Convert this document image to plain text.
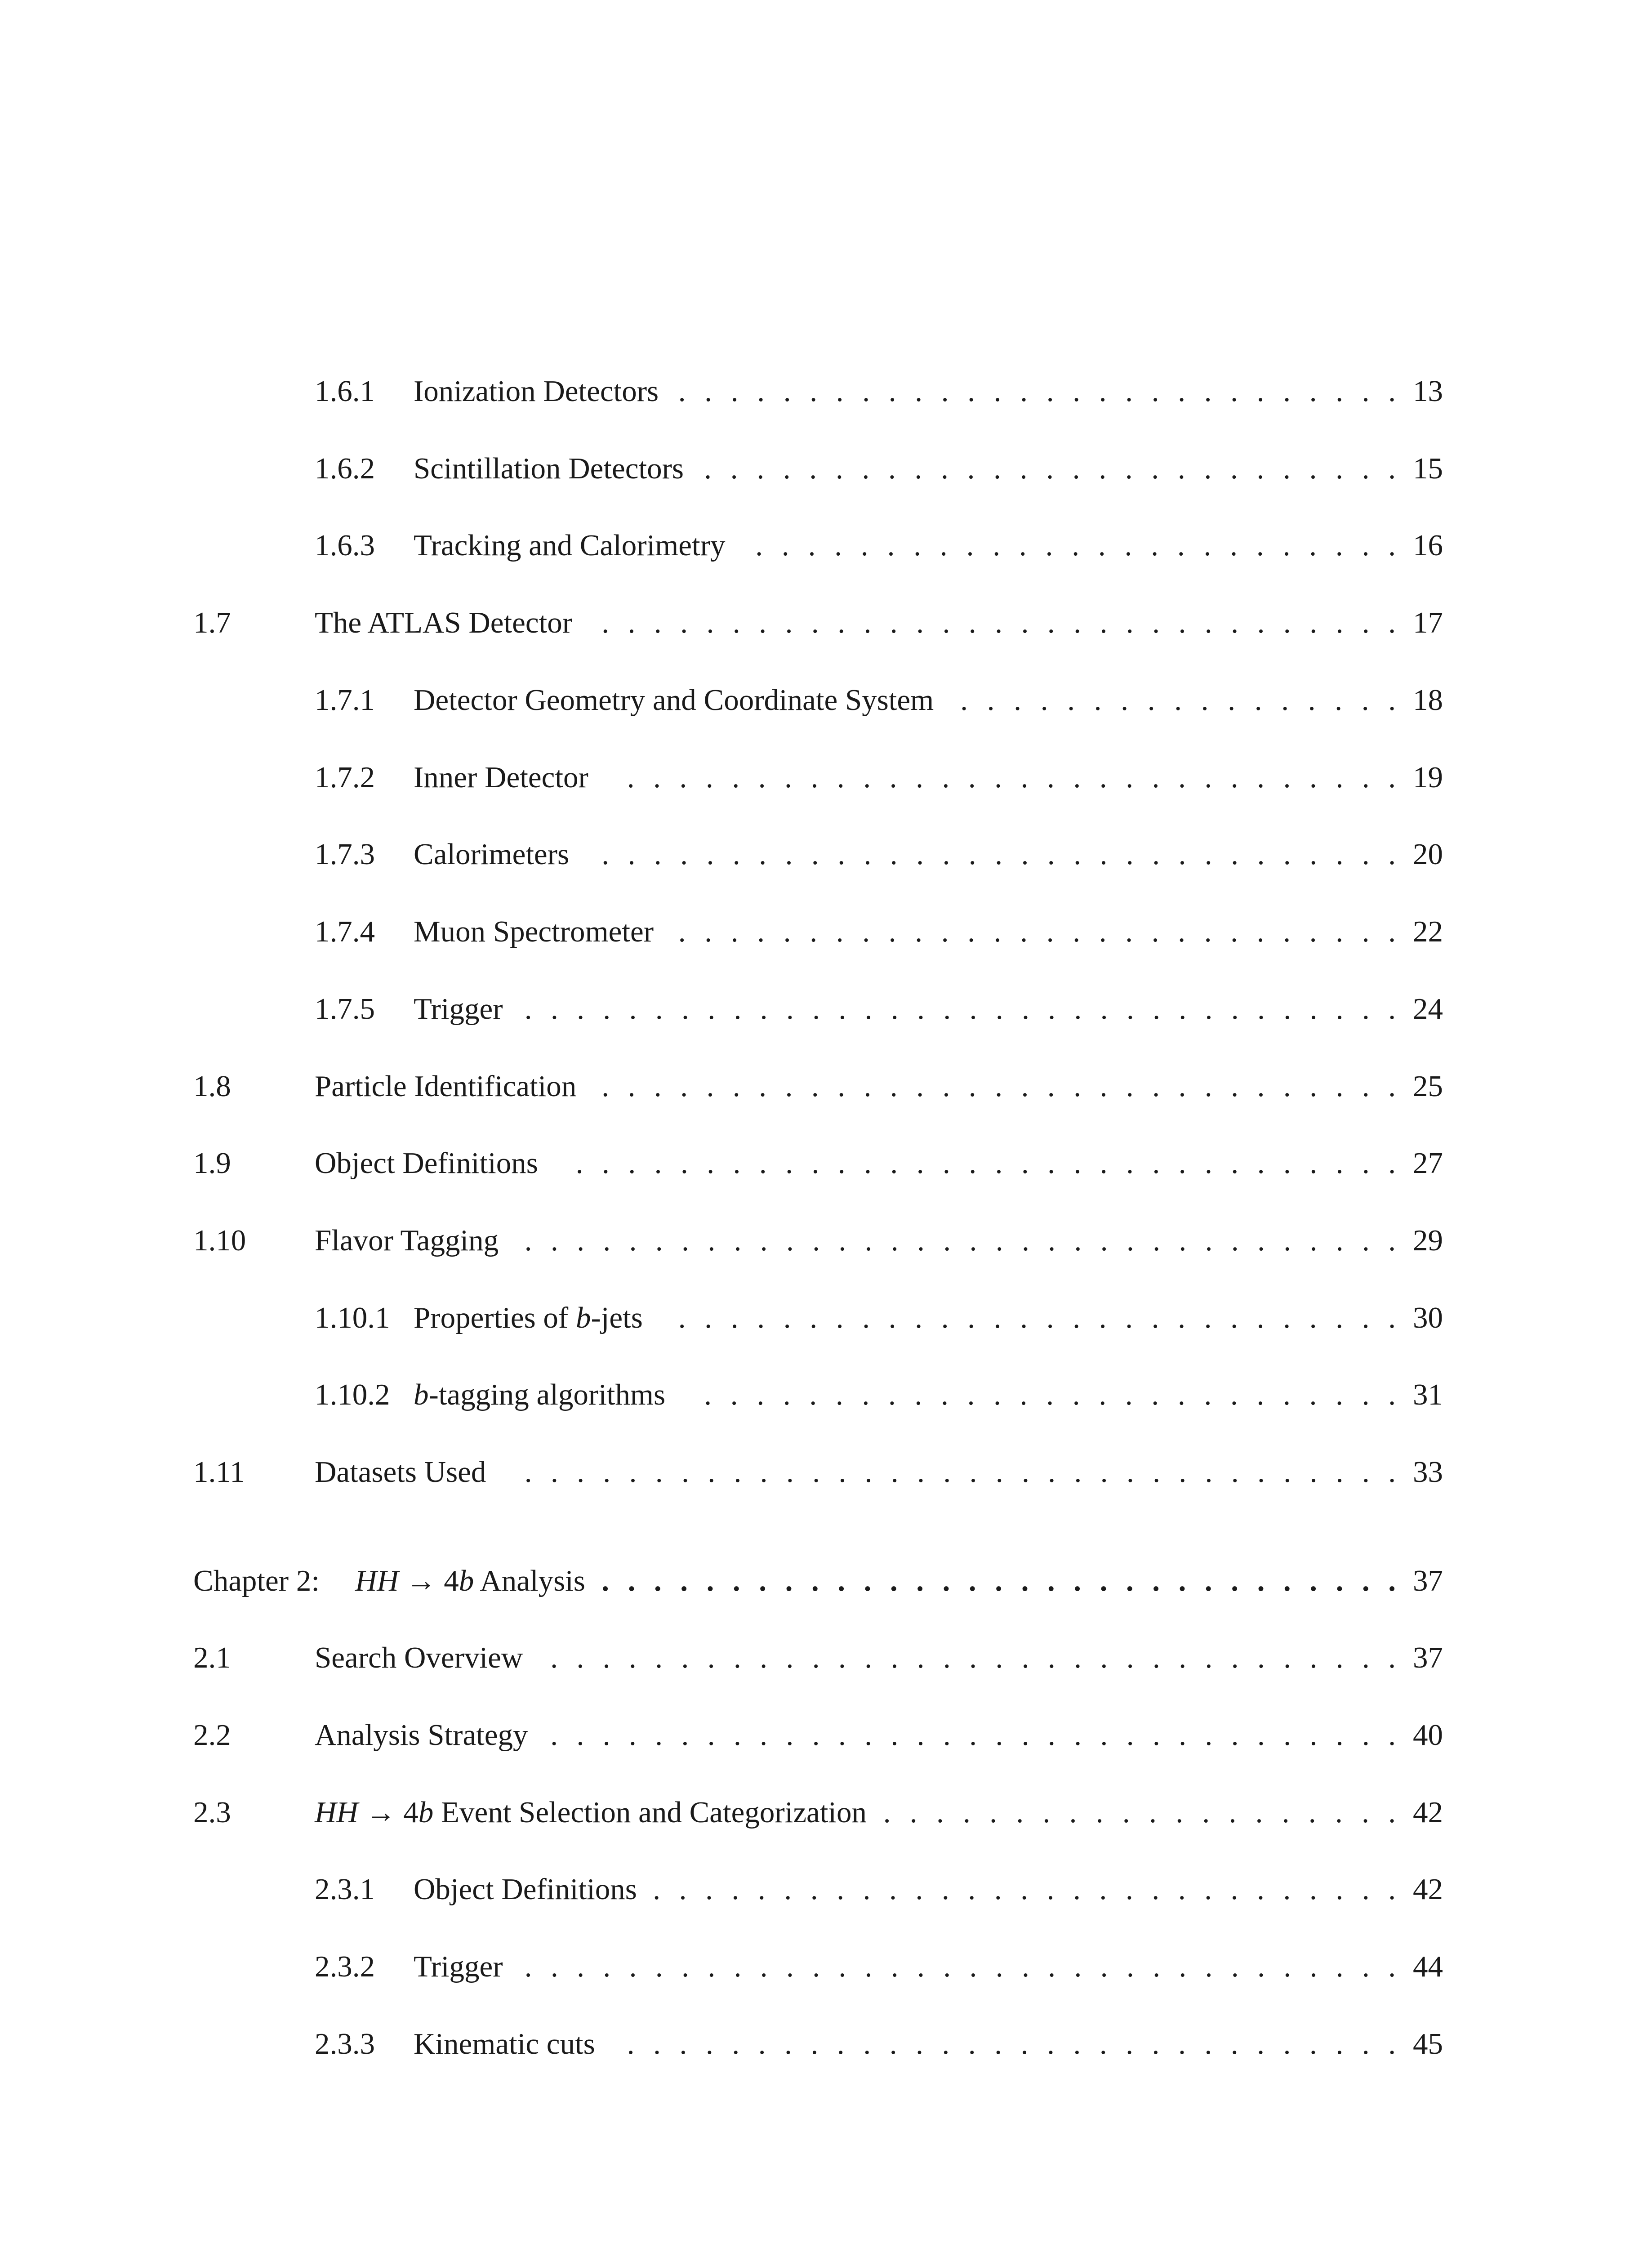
1.6.1 Ionization Detectors . . . . . . . . . . . . . . . . . . . . . . . . . . . . 13
1.6.2 Scintillation Detectors . . . . . . . . . . . . . . . . . . . . . . . . . . . 15
1.6.3 Tracking and Calorimetry . . . . . . . . . . . . . . . . . . . . . . . . . 16
1.7	The ATLAS Detector . . . . . . . . . . . . . . . . . . . . . . . . . . . . . . . 17
1.7.1 Detector Geometry and Coordinate System . . . . . . . . . . . . . . . . . 18
1.7.2 Inner Detector . . . . . . . . . . . . . . . . . . . . . . . . . . . . . . 19
1.7.3 Calorimeters . . . . . . . . . . . . . . . . . . . . . . . . . . . . . . . 20
1.7.4 Muon Spectrometer . . . . . . . . . . . . . . . . . . . . . . . . . . . . 22
1.7.5 Trigger . . . . . . . . . . . . . . . . . . . . . . . . . . . . . . . . . . 24
1.8	Particle Identification . . . . . . . . . . . . . . . . . . . . . . . . . . . . . . . 25
1.9	Object Definitions . . . . . . . . . . . . . . . . . . . . . . . . . . . . . . . . 27
1.10 Flavor Tagging . . . . . . . . . . . . . . . . . . . . . . . . . . . . . . . . . . 29
1.10.1 Properties of b-jets . . . . . . . . . . . . . . . . . . . . . . . . . . . . 30
1.10.2 b-tagging algorithms . . . . . . . . . . . . . . . . . . . . . . . . . . . 31
1.11 Datasets Used . . . . . . . . . . . . . . . . . . . . . . . . . . . . . . . . . . 33
Chapter 2: HH → 4b Analysis . . . . . . . . . . . . . . . . . . . . . . . . . . . . . . . 37
2.1	Search Overview . . . . . . . . . . . . . . . . . . . . . . . . . . . . . . . . . 37
2.2	Analysis Strategy . . . . . . . . . . . . . . . . . . . . . . . . . . . . . . . . . 40
2.3	HH → 4b Event Selection and Categorization . . . . . . . . . . . . . . . . . . . . 42
2.3.1 Object Definitions . . . . . . . . . . . . . . . . . . . . . . . . . . . . . 42
2.3.2 Trigger . . . . . . . . . . . . . . . . . . . . . . . . . . . . . . . . . . 44
2.3.3 Kinematic cuts . . . . . . . . . . . . . . . . . . . . . . . . . . . . . . 45
